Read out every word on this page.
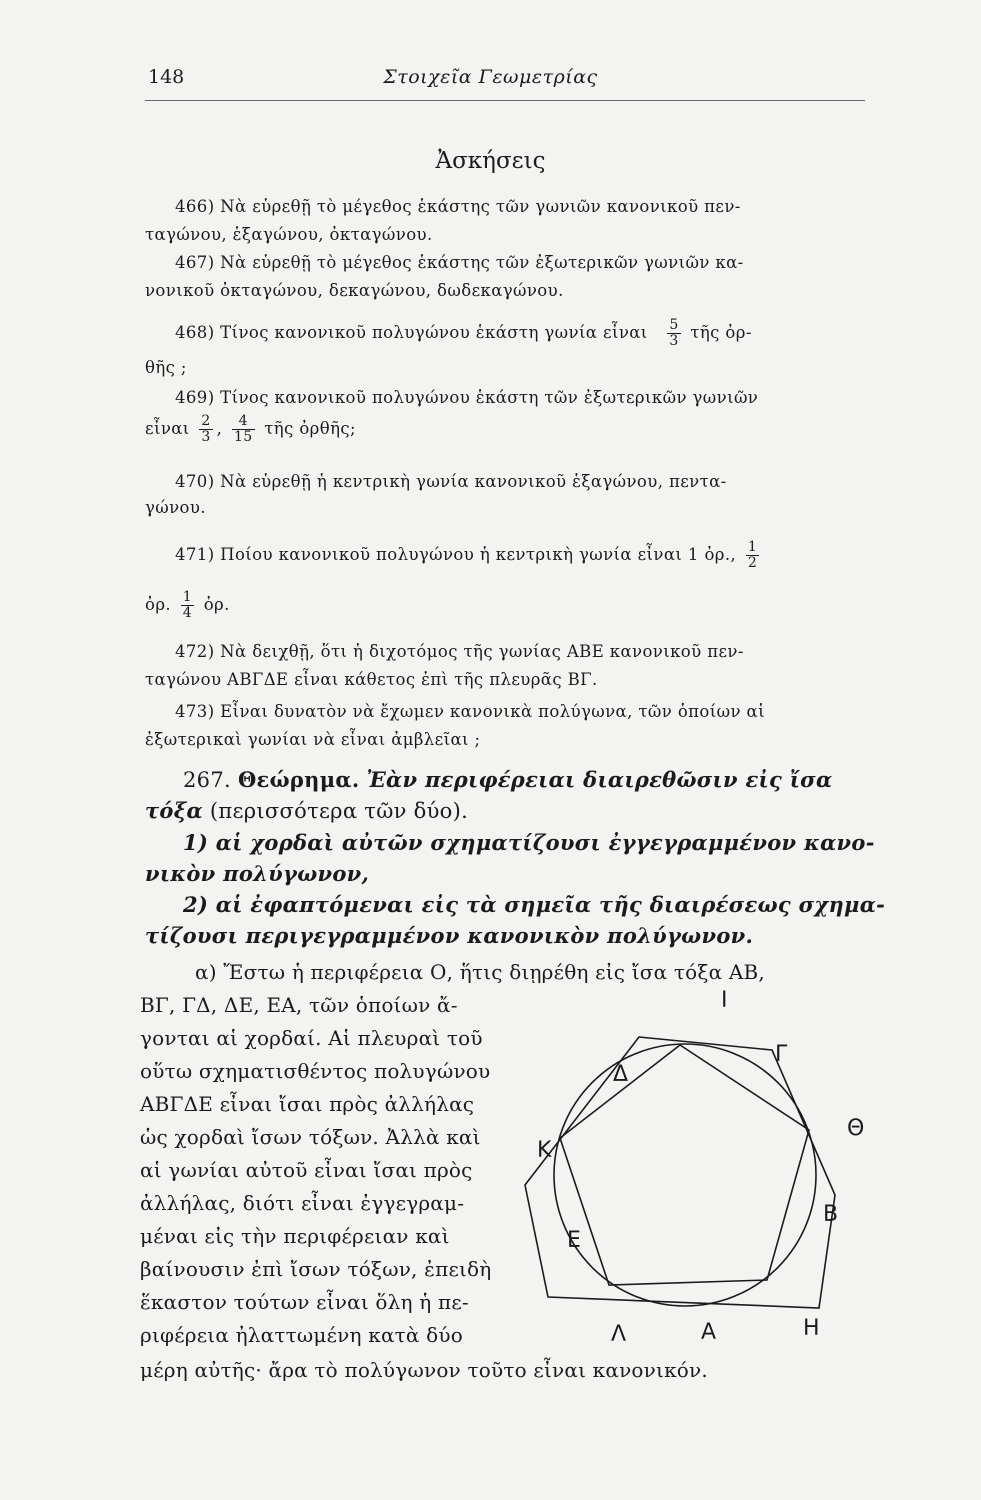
148	Στοιχεῖα Γεωμετρίας
Ἀσκήσεις
466) Νὰ εὑρεθῇ τὸ μέγεθος ἑκάστης τῶν γωνιῶν κανονικοῦ πεν-
ταγώνου, ἑξαγώνου, ὀκταγώνου.
467) Νὰ εὑρεθῇ τὸ μέγεθος ἑκάστης τῶν ἐξωτερικῶν γωνιῶν κα-
νονικοῦ ὀκταγώνου, δεκαγώνου, δωδεκαγώνου.
468) Τίνος κανονικοῦ πολυγώνου ἑκάστη γωνία εἶναι $\frac{5}{3}$ τῆς ὀρ-
θῆς ;
469) Τίνος κανονικοῦ πολυγώνου ἑκάστη τῶν ἐξωτερικῶν γωνιῶν
εἶναι $\frac{2}{3}$ , $\frac{4}{15}$ τῆς ὀρθῆς;
470) Νὰ εὑρεθῇ ἡ κεντρικὴ γωνία κανονικοῦ ἑξαγώνου, πεντα-
γώνου.
471) Ποίου κανονικοῦ πολυγώνου ἡ κεντρικὴ γωνία εἶναι 1 ὀρ., $\frac{1}{2}$
ὀρ. $\frac{1}{4}$ ὀρ.
472) Νὰ δειχθῇ, ὅτι ἡ διχοτόμος τῆς γωνίας ΑΒΕ κανονικοῦ πεν-
ταγώνου ΑΒΓΔΕ εἶναι κάθετος ἐπὶ τῆς πλευρᾶς ΒΓ.
473) Εἶναι δυνατὸν νὰ ἔχωμεν κανονικὰ πολύγωνα, τῶν ὁποίων αἱ
ἐξωτερικαὶ γωνίαι νὰ εἶναι ἀμβλεῖαι ;
267. Θεώρημα. Ἐὰν περιφέρειαι διαιρεθῶσιν εἰς ἴσα
τόξα (περισσότερα τῶν δύο).
1) αἱ χορδαὶ αὐτῶν σχηματίζουσι ἐγγεγραμμένον κανο-
νικὸν πολύγωνον,
2) αἱ ἐφαπτόμεναι εἰς τὰ σημεῖα τῆς διαιρέσεως σχημα-
τίζουσι περιγεγραμμένον κανονικὸν πολύγωνον.
α) Ἔστω ἡ περιφέρεια Ο, ἥτις διῃρέθη εἰς ἴσα τόξα ΑΒ,
ΒΓ, ΓΔ, ΔΕ, ΕΑ, τῶν ὁποίων ἄ-
γονται αἱ χορδαί. Αἱ πλευραὶ τοῦ
οὕτω σχηματισθέντος πολυγώνου
ΑΒΓΔΕ εἶναι ἴσαι πρὸς ἀλλήλας
ὡς χορδαὶ ἴσων τόξων. Ἀλλὰ καὶ
αἱ γωνίαι αὐτοῦ εἶναι ἴσαι πρὸς
ἀλλήλας, διότι εἶναι ἐγγεγραμ-
μέναι εἰς τὴν περιφέρειαν καὶ
βαίνουσιν ἐπὶ ἴσων τόξων, ἐπειδὴ
ἕκαστον τούτων εἶναι ὅλη ἡ πε-
ριφέρεια ἠλαττωμένη κατὰ δύο
μέρη αὐτῆς· ἄρα τὸ πολύγωνον τοῦτο εἶναι κανονικόν.
Ι
Γ
Δ
Θ
Κ
Β
Ε
Η
Λ	Α
